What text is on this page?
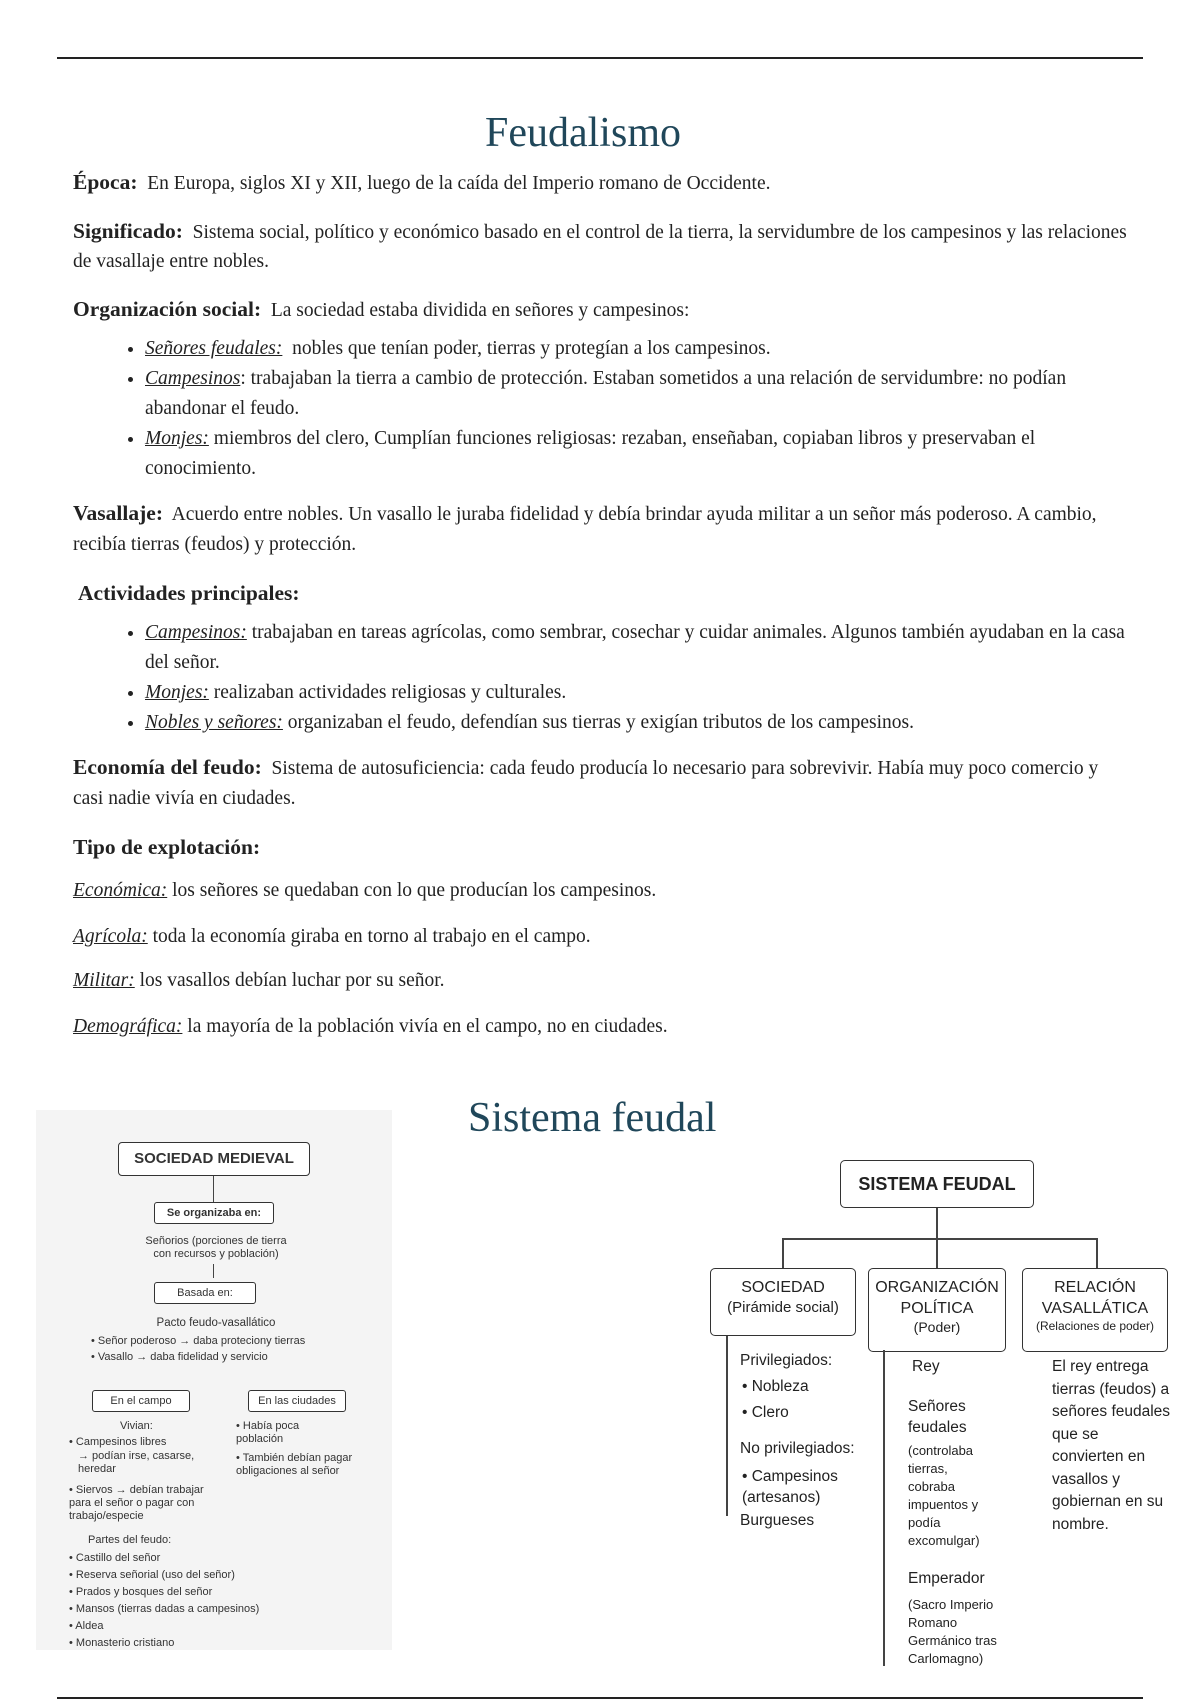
Feudalismo

Época: En Europa, siglos XI y XII, luego de la caída del Imperio romano de Occidente.

Significado: Sistema social, político y económico basado en el control de la tierra, la servidumbre de los campesinos y las relaciones de vasallaje entre nobles.

Organización social: La sociedad estaba dividida en señores y campesinos:

• Señores feudales: nobles que tenían poder, tierras y protegían a los campesinos.
• Campesinos: trabajaban la tierra a cambio de protección. Estaban sometidos a una relación de servidumbre: no podían abandonar el feudo.
• Monjes: miembros del clero, Cumplían funciones religiosas: rezaban, enseñaban, copiaban libros y preservaban el conocimiento.

Vasallaje: Acuerdo entre nobles. Un vasallo le juraba fidelidad y debía brindar ayuda militar a un señor más poderoso. A cambio, recibía tierras (feudos) y protección.

Actividades principales:
• Campesinos: trabajaban en tareas agrícolas, como sembrar, cosechar y cuidar animales. Algunos también ayudaban en la casa del señor.
• Monjes: realizaban actividades religiosas y culturales.
• Nobles y señores: organizaban el feudo, defendían sus tierras y exigían tributos de los campesinos.

Economía del feudo: Sistema de autosuficiencia: cada feudo producía lo necesario para sobrevivir. Había muy poco comercio y casi nadie vivía en ciudades.

Tipo de explotación:

Económica: los señores se quedaban con lo que producían los campesinos.

Agrícola: toda la economía giraba en torno al trabajo en el campo.

Militar: los vasallos debían luchar por su señor.

Demográfica: la mayoría de la población vivía en el campo, no en ciudades.

SOCIEDAD MEDIEVAL
Se organizaba en:
Señorios (porciones de tierra con recursos y población)
Basada en:
Pacto feudo-vasallático
• Señor poderoso → daba proteciony tierras
• Vasallo → daba fidelidad y servicio
En el campo	En las ciudades
Vivian:
• Campesinos libres
→ podían irse, casarse, heredar
• Siervos → debían trabajar para el señor o pagar con trabajo/especie
• Había poca población
• También debían pagar obligaciones al señor
Partes del feudo:
• Castillo del señor
• Reserva señorial (uso del señor)
• Prados y bosques del señor
• Mansos (tierras dadas a campesinos)
• Aldea
• Monasterio cristiano
Sistema feudal
SISTEMA FEUDAL
SOCIEDAD
(Pirámide social)
ORGANIZACIÓN POLÍTICA
(Poder)
RELACIÓN VASALLÁTICA
(Relaciones de poder)
Privilegiados:
• Nobleza
• Clero
No privilegiados:
• Campesinos (artesanos)
Burgueses
Rey
Señores feudales
(controlaba tierras, cobraba impuentos y podía excomulgar)
Emperador
(Sacro Imperio Romano Germánico tras Carlomagno)
El rey entrega tierras (feudos) a señores feudales que se convierten en vasallos y gobiernan en su nombre.
